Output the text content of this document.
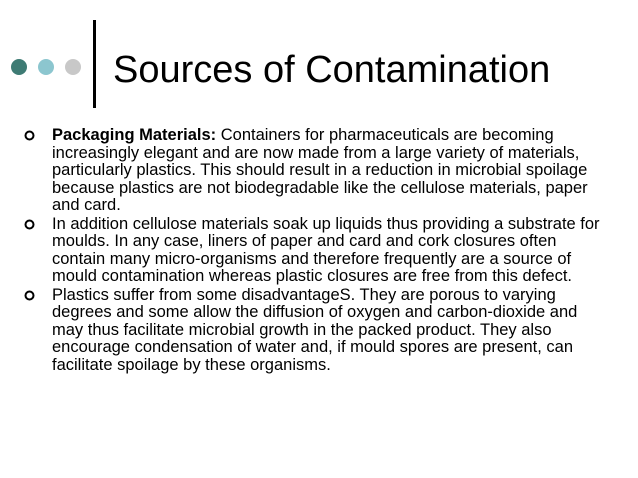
Sources of Contamination
Packaging Materials: Containers for pharmaceuticals are becoming increasingly elegant and are now made from a large variety of materials, particularly plastics. This should result in a reduction in microbial spoilage because plastics are not biodegradable like the cellulose materials, paper and card.
In addition cellulose materials soak up liquids thus providing a substrate for moulds. In any case, liners of paper and card and cork closures often contain many micro-organisms and therefore frequently are a source of mould contamination whereas plastic closures are free from this defect.
Plastics suffer from some disadvantageS. They are porous to varying degrees and some allow the diffusion of oxygen and carbon-dioxide and may thus facilitate microbial growth in the packed product. They also encourage condensation of water and, if mould spores are present, can facilitate spoilage by these organisms.
